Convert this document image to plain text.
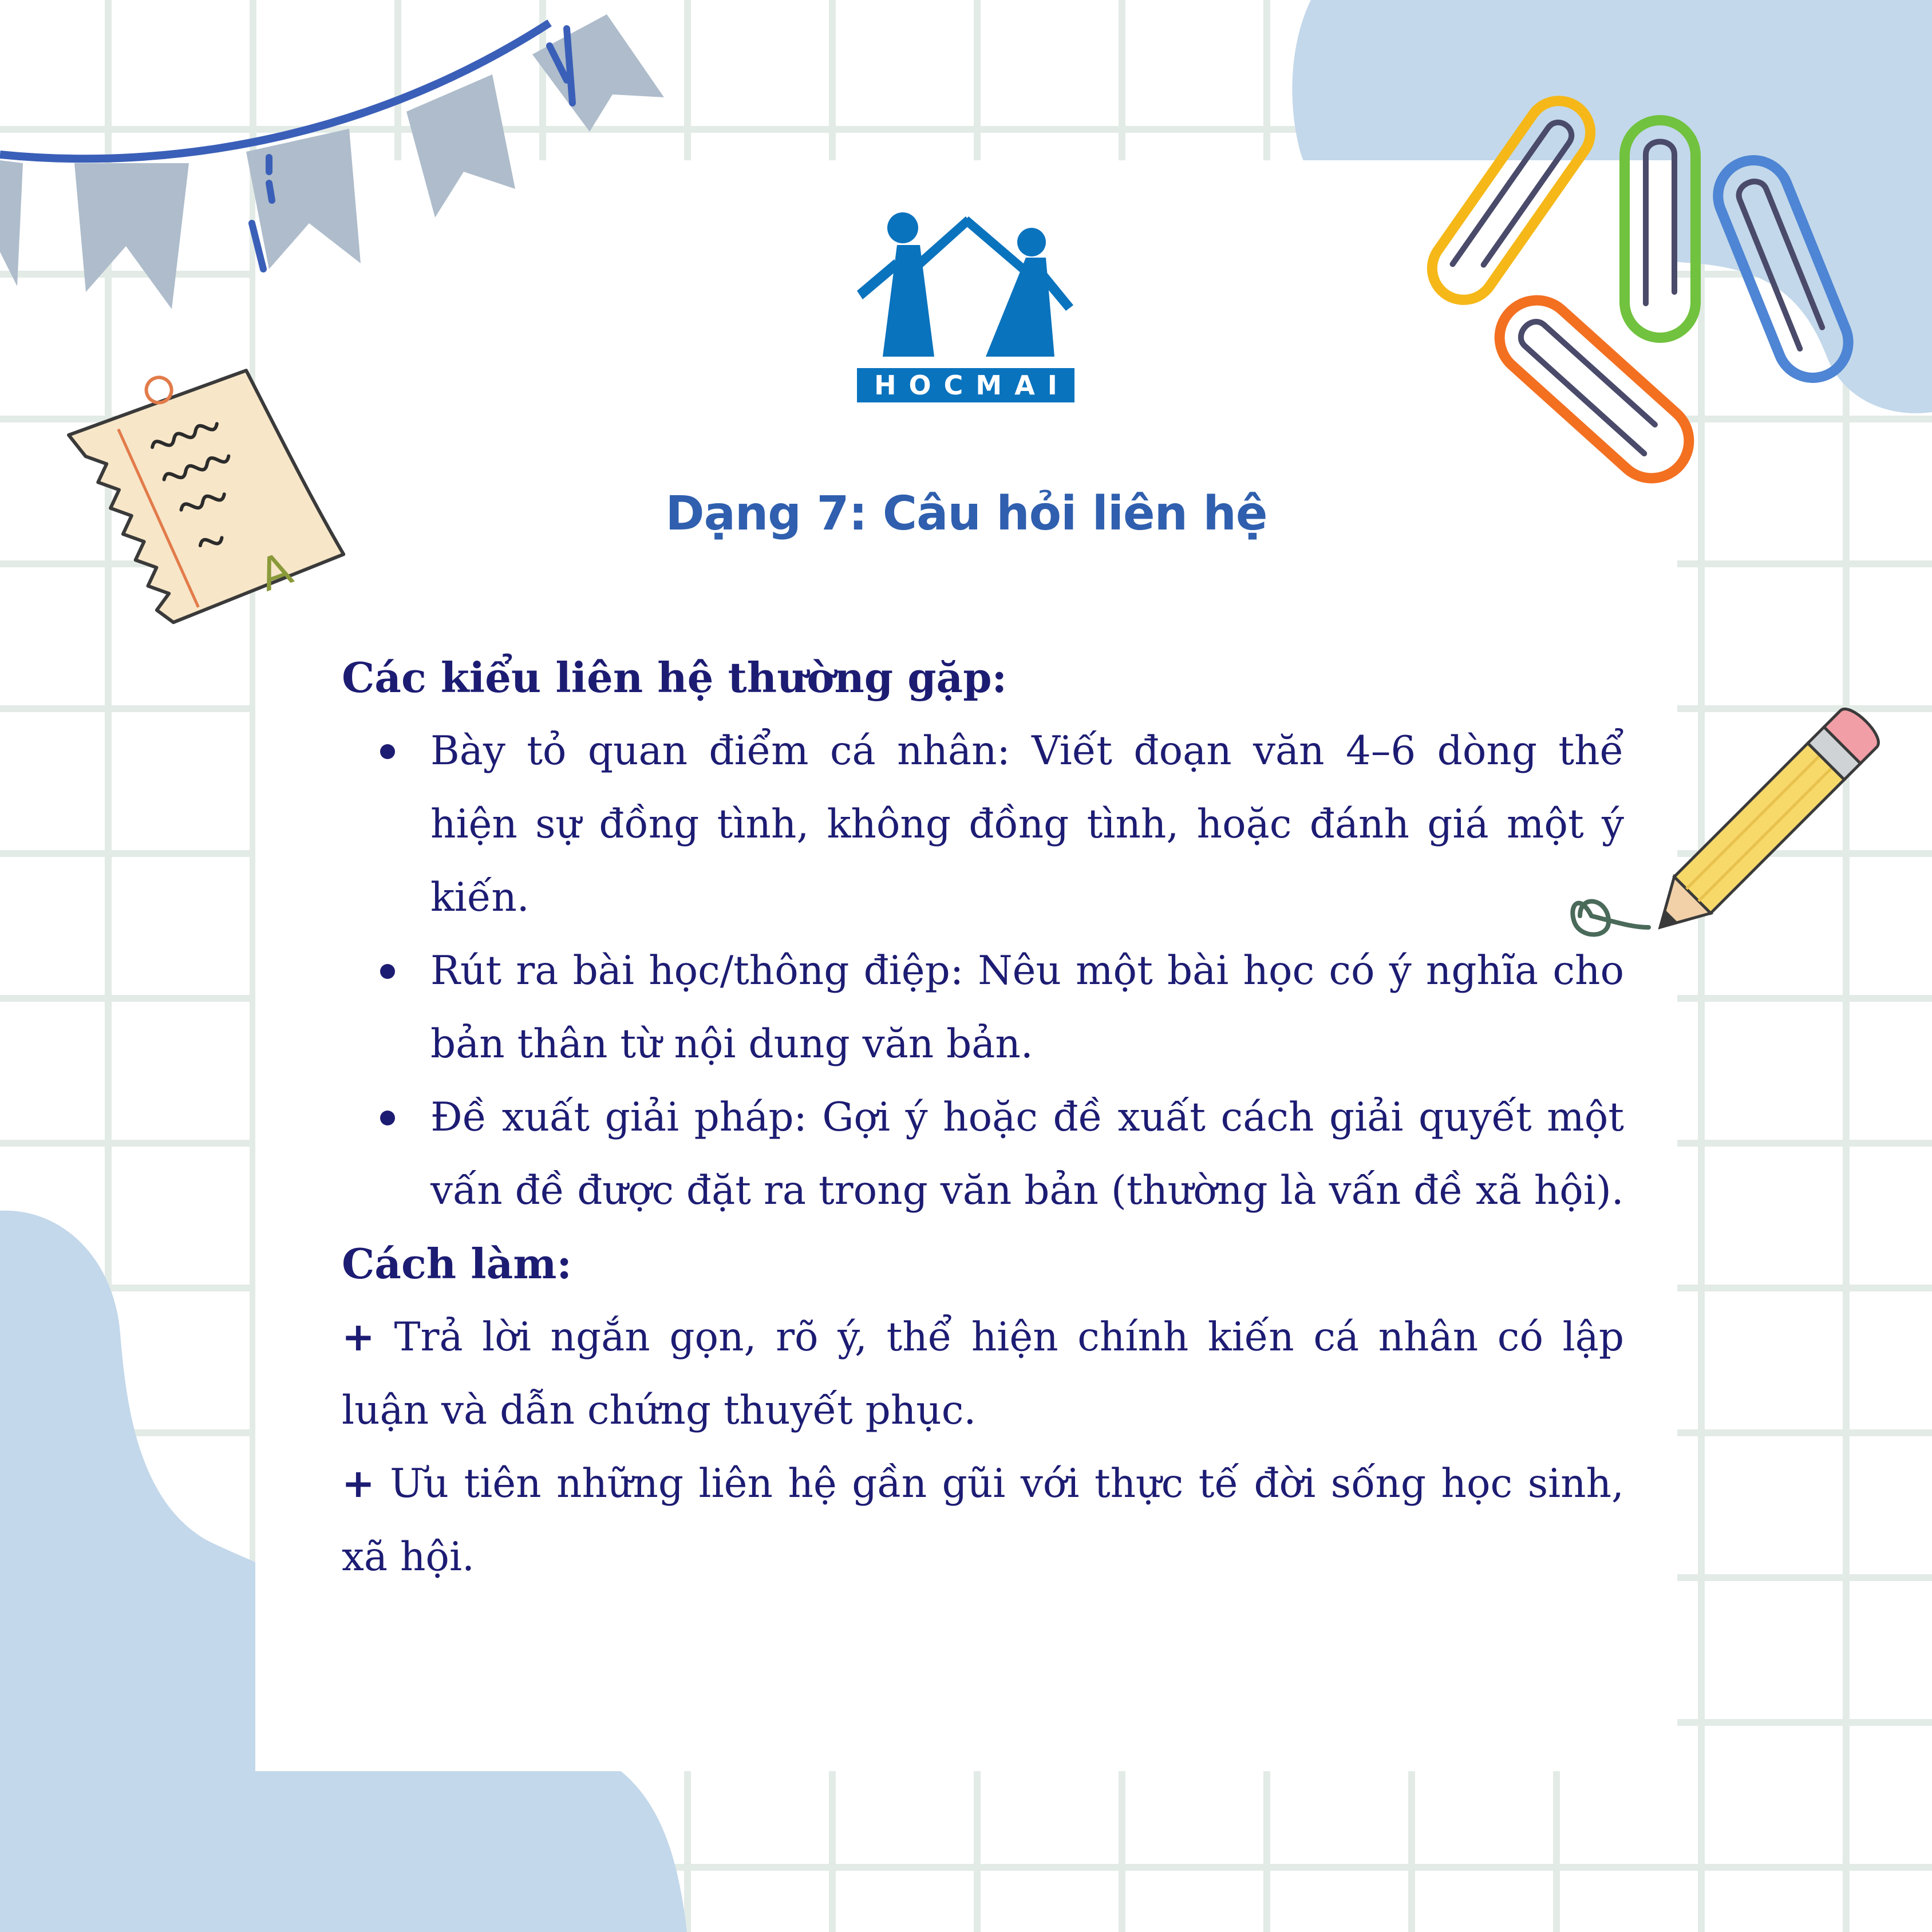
A
HOCMAI
Dạng 7: Câu hỏi liên hệ
Các kiểu liên hệ thường gặp:
Bày tỏ quan điểm cá nhân: Viết đoạn văn 4–6 dòng thể hiện sự đồng tình, không đồng tình, hoặc đánh giá một ý kiến.
Rút ra bài học/thông điệp: Nêu một bài học có ý nghĩa cho bản thân từ nội dung văn bản.
Đề xuất giải pháp: Gợi ý hoặc đề xuất cách giải quyết một vấn đề được đặt ra trong văn bản (thường là vấn đề xã hội).
Cách làm:
+ Trả lời ngắn gọn, rõ ý, thể hiện chính kiến cá nhân có lập luận và dẫn chứng thuyết phục.
+ Ưu tiên những liên hệ gần gũi với thực tế đời sống học sinh, xã hội.
